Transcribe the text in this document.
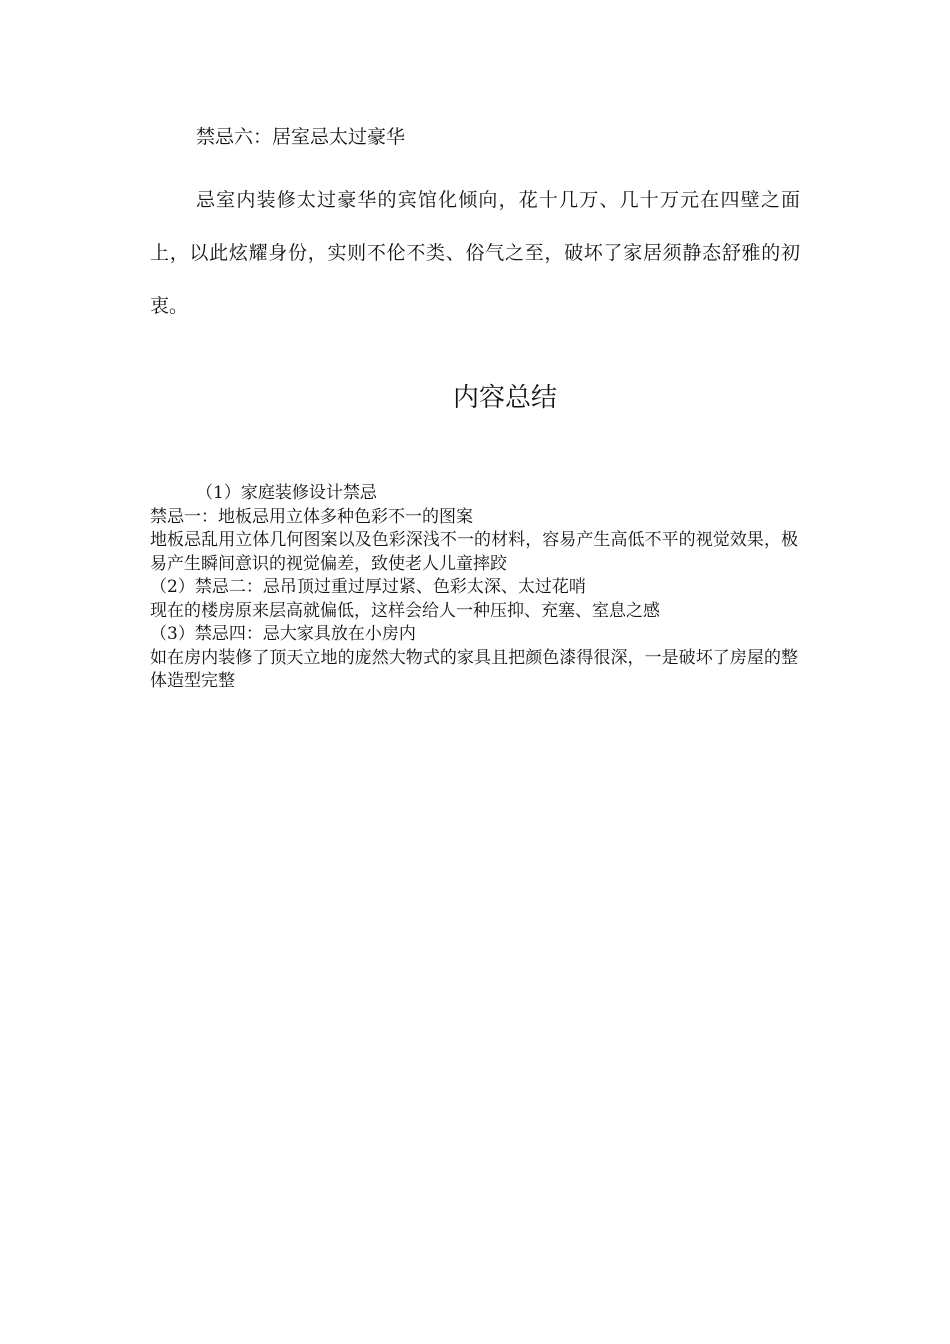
禁忌六：居室忌太过豪华
忌室内装修太过豪华的宾馆化倾向，花十几万、几十万元在四壁之面上，以此炫耀身份，实则不伦不类、俗气之至，破坏了家居须静态舒雅的初衷。
内容总结

（1）家庭装修设计禁忌

禁忌一：地板忌用立体多种色彩不一的图案

地板忌乱用立体几何图案以及色彩深浅不一的材料，容易产生高低不平的视觉效果，极易产生瞬间意识的视觉偏差，致使老人儿童摔跤

（2）禁忌二：忌吊顶过重过厚过紧、色彩太深、太过花哨

现在的楼房原来层高就偏低，这样会给人一种压抑、充塞、室息之感

（3）禁忌四：忌大家具放在小房内

如在房内装修了顶天立地的庞然大物式的家具且把颜色漆得很深，一是破坏了房屋的整体造型完整
